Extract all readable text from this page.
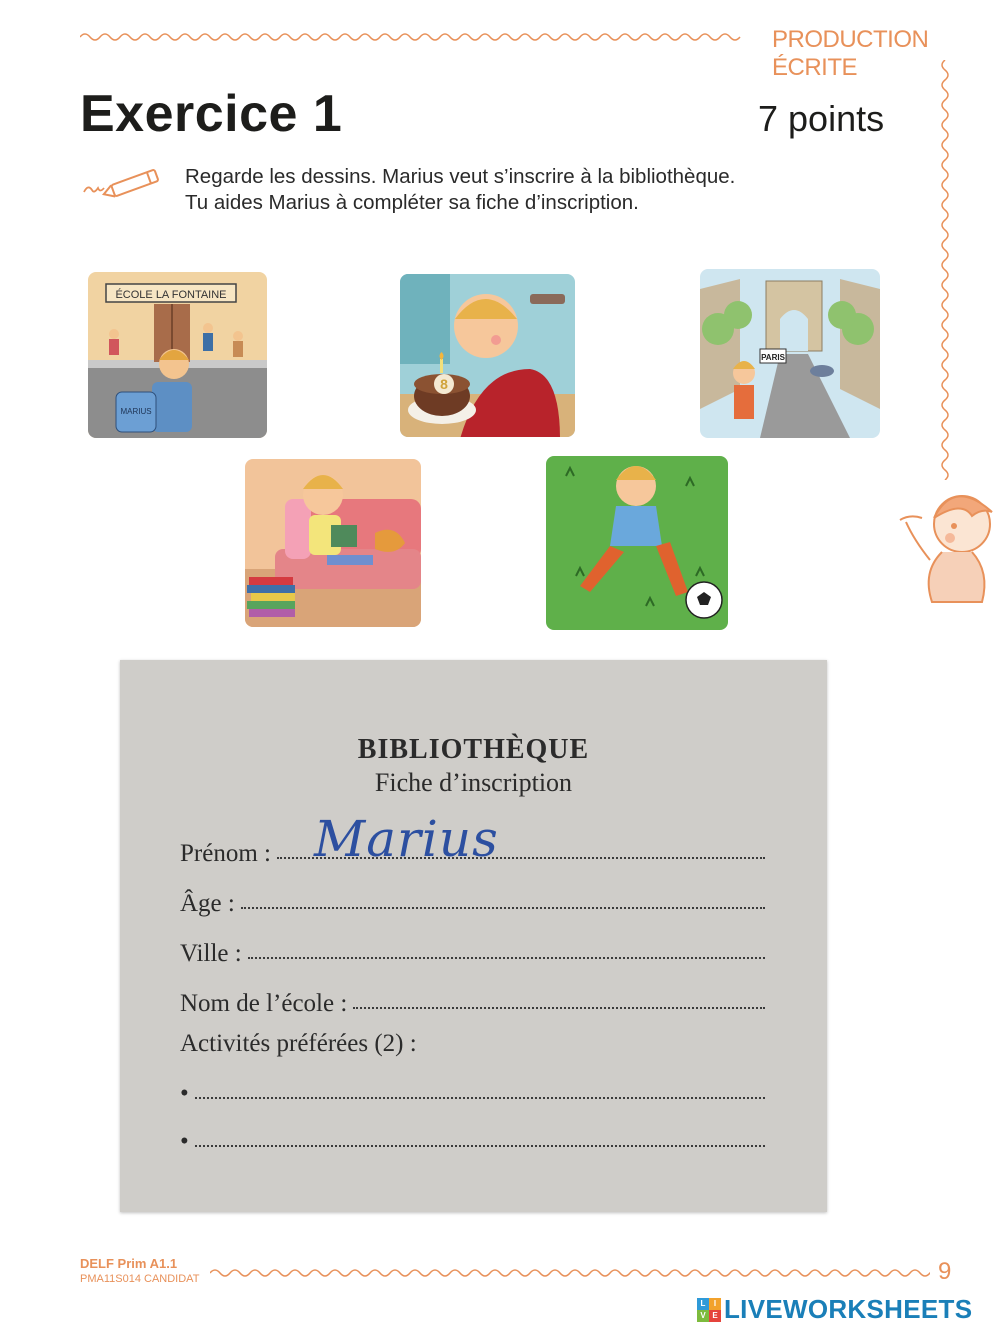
PRODUCTION ÉCRITE
Exercice 1	7 points
Regarde les dessins. Marius veut s’inscrire à la bibliothèque.
Tu aides Marius à compléter sa fiche d’inscription.
ÉCOLE LA FONTAINE
MARIUS
8
PARIS
BIBLIOTHÈQUE
Fiche d’inscription
Prénom : Marius
Âge :
Ville :
Nom de l’école :
Activités préférées (2) :
•
•
DELF Prim A1.1
PMA11S014 CANDIDAT	9
L	I
V E LIVEWORKSHEETS
